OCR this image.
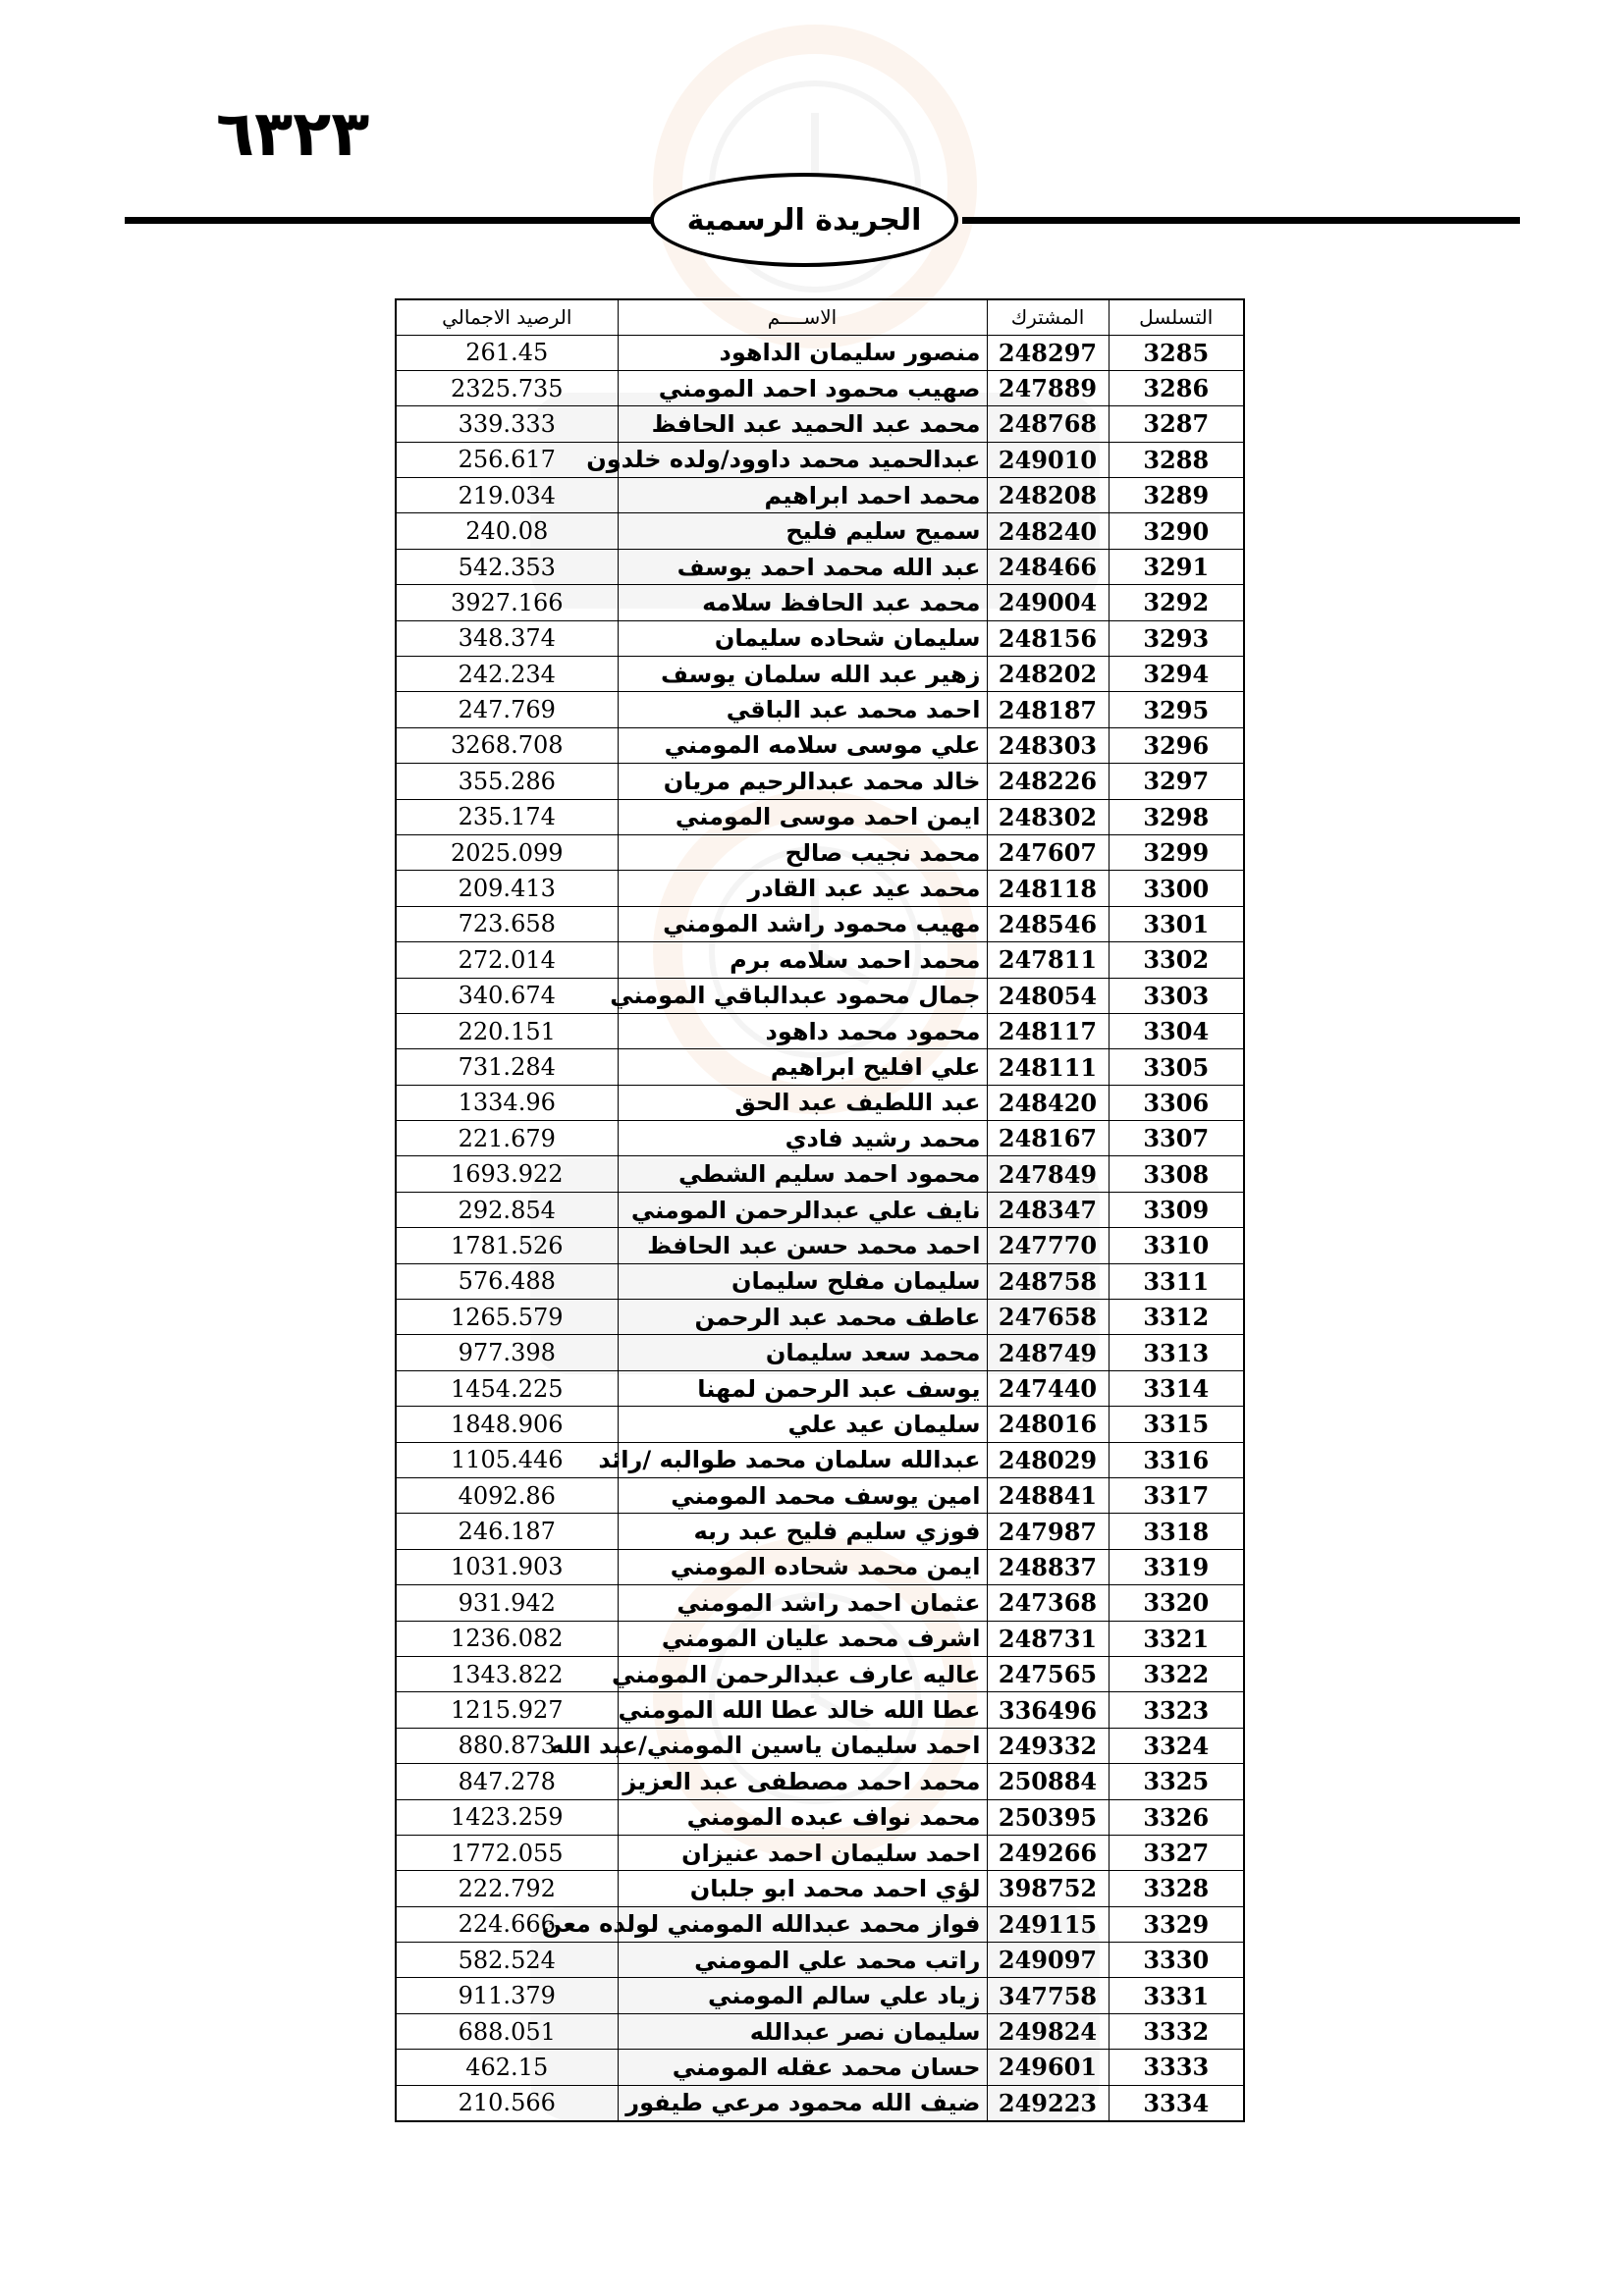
٦٣٢٣
الجريدة الرسمية
التسلسل	المشترك	الاســــم	الرصيد الاجمالي
3285	248297	منصور سليمان الداهود	261.45
3286	247889	صهيب محمود احمد المومني	2325.735
3287	248768	محمد عبد الحميد عبد الحافظ	339.333
3288	249010	عبدالحميد محمد داوود/ولده خلدون	256.617
3289	248208	محمد احمد ابراهيم	219.034
3290	248240	سميح سليم فليح	240.08
3291	248466	عبد الله محمد احمد يوسف	542.353
3292	249004	محمد عبد الحافظ سلامه	3927.166
3293	248156	سليمان شحاده سليمان	348.374
3294	248202	زهير عبد الله سلمان يوسف	242.234
3295	248187	احمد محمد عبد الباقي	247.769
3296	248303	علي موسى سلامه المومني	3268.708
3297	248226	خالد محمد عبدالرحيم مريان	355.286
3298	248302	ايمن احمد موسى المومني	235.174
3299	247607	محمد نجيب صالح	2025.099
3300	248118	محمد عيد عبد القادر	209.413
3301	248546	مهيب محمود راشد المومني	723.658
3302	247811	محمد احمد سلامه برم	272.014
3303	248054	جمال محمود عبدالباقي المومني	340.674
3304	248117	محمود محمد داهود	220.151
3305	248111	علي افليح ابراهيم	731.284
3306	248420	عبد اللطيف عبد الحق	1334.96
3307	248167	محمد رشيد فادي	221.679
3308	247849	محمود احمد سليم الشطي	1693.922
3309	248347	نايف علي عبدالرحمن المومني	292.854
3310	247770	احمد محمد حسن عبد الحافظ	1781.526
3311	248758	سليمان مفلح سليمان	576.488
3312	247658	عاطف محمد عبد الرحمن	1265.579
3313	248749	محمد سعد سليمان	977.398
3314	247440	يوسف عبد الرحمن لمهنا	1454.225
3315	248016	سليمان عيد علي	1848.906
3316	248029	عبدالله سلمان محمد طوالبه /رائد	1105.446
3317	248841	امين يوسف محمد المومني	4092.86
3318	247987	فوزي سليم فليح عبد ربه	246.187
3319	248837	ايمن محمد شحاده المومني	1031.903
3320	247368	عثمان احمد راشد المومني	931.942
3321	248731	اشرف محمد عليان المومني	1236.082
3322	247565	عاليه عارف عبدالرحمن المومني	1343.822
3323	336496	عطا الله خالد عطا الله المومني	1215.927
3324	249332	احمد سليمان ياسين المومني/عبد الله	880.873
3325	250884	محمد احمد مصطفى عبد العزيز	847.278
3326	250395	محمد نواف عبده المومني	1423.259
3327	249266	احمد سليمان احمد عنيزان	1772.055
3328	398752	لؤي احمد محمد ابو جلبان	222.792
3329	249115	فواز محمد عبدالله المومني لولده معن	224.666
3330	249097	راتب محمد علي المومني	582.524
3331	347758	زياد علي سالم المومني	911.379
3332	249824	سليمان نصر عبدالله	688.051
3333	249601	حسان محمد عقله المومني	462.15
3334	249223	ضيف الله محمود مرعي طيفور	210.566
